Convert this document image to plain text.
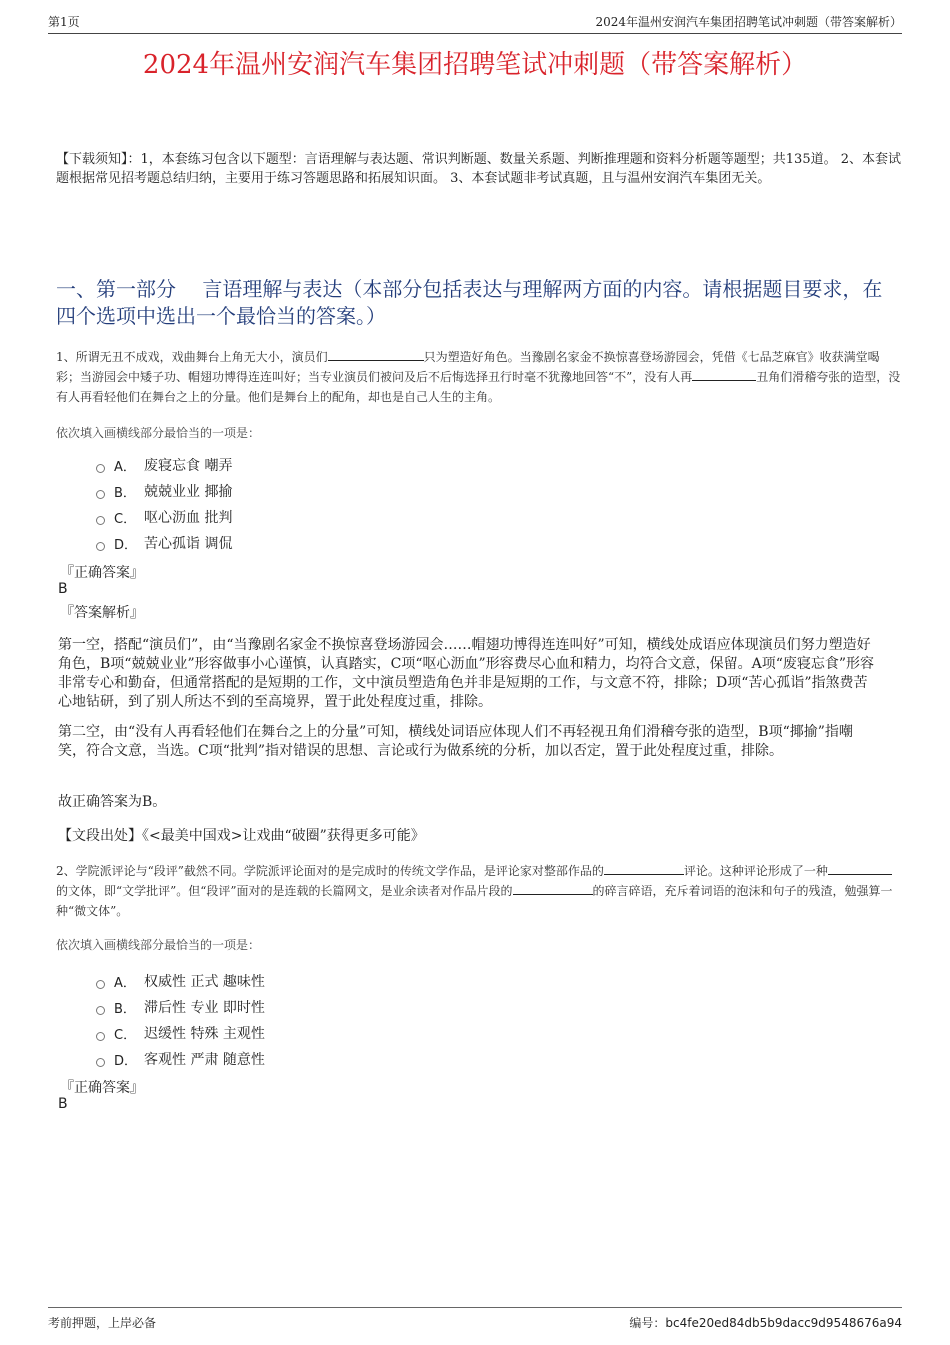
第1页	2024年温州安润汽车集团招聘笔试冲刺题（带答案解析）
2024年温州安润汽车集团招聘笔试冲刺题（带答案解析）
【下载须知】：1，本套练习包含以下题型：言语理解与表达题、常识判断题、数量关系题、判断推理题和资料分析题等题型；共135道。 2、本套试题根据常见招考题总结归纳，主要用于练习答题思路和拓展知识面。 3、本套试题非考试真题，且与温州安润汽车集团无关。
一、第一部分　 言语理解与表达（本部分包括表达与理解两方面的内容。请根据题目要求，在四个选项中选出一个最恰当的答案。）
1、所谓无丑不成戏，戏曲舞台上角无大小，演员们	只为塑造好角色。当豫剧名家金不换惊喜登场游园会，凭借《七品芝麻官》收获满堂喝彩；当游园会中矮子功、帽翅功博得连连叫好；当专业演员们被问及后不后悔选择丑行时毫不犹豫地回答“不”，没有人再	丑角们滑稽夸张的造型，没有人再看轻他们在舞台之上的分量。他们是舞台上的配角，却也是自己人生的主角。
依次填入画横线部分最恰当的一项是：
A． 废寝忘食 嘲弄
B． 兢兢业业 揶揄
C． 呕心沥血 批判
D． 苦心孤诣 调侃
『正确答案』
B
『答案解析』
第一空，搭配“演员们”，由“当豫剧名家金不换惊喜登场游园会……帽翅功博得连连叫好”可知，横线处成语应体现演员们努力塑造好角色，B项“兢兢业业”形容做事小心谨慎，认真踏实，C项“呕心沥血”形容费尽心血和精力，均符合文意，保留。A项“废寝忘食”形容非常专心和勤奋，但通常搭配的是短期的工作，文中演员塑造角色并非是短期的工作，与文意不符，排除；D项“苦心孤诣”指煞费苦心地钻研，到了别人所达不到的至高境界，置于此处程度过重，排除。
第二空，由“没有人再看轻他们在舞台之上的分量”可知，横线处词语应体现人们不再轻视丑角们滑稽夸张的造型，B项“揶揄”指嘲笑，符合文意，当选。C项“批判”指对错误的思想、言论或行为做系统的分析，加以否定，置于此处程度过重，排除。
故正确答案为B。
【文段出处】《<最美中国戏>让戏曲“破圈”获得更多可能》
2、学院派评论与“段评”截然不同。学院派评论面对的是完成时的传统文学作品，是评论家对整部作品的	评论。这种评论形成了一种的文体，即“文学批评”。但“段评”面对的是连载的长篇网文，是业余读者对作品片段的	的碎言碎语，充斥着词语的泡沫和句子的残渣，勉强算一种“微文体”。
依次填入画横线部分最恰当的一项是：
A． 权威性 正式 趣味性
B． 滞后性 专业 即时性
C． 迟缓性 特殊 主观性
D． 客观性 严肃 随意性
『正确答案』
B
考前押题，上岸必备	编号：bc4fe20ed84db5b9dacc9d9548676a94
